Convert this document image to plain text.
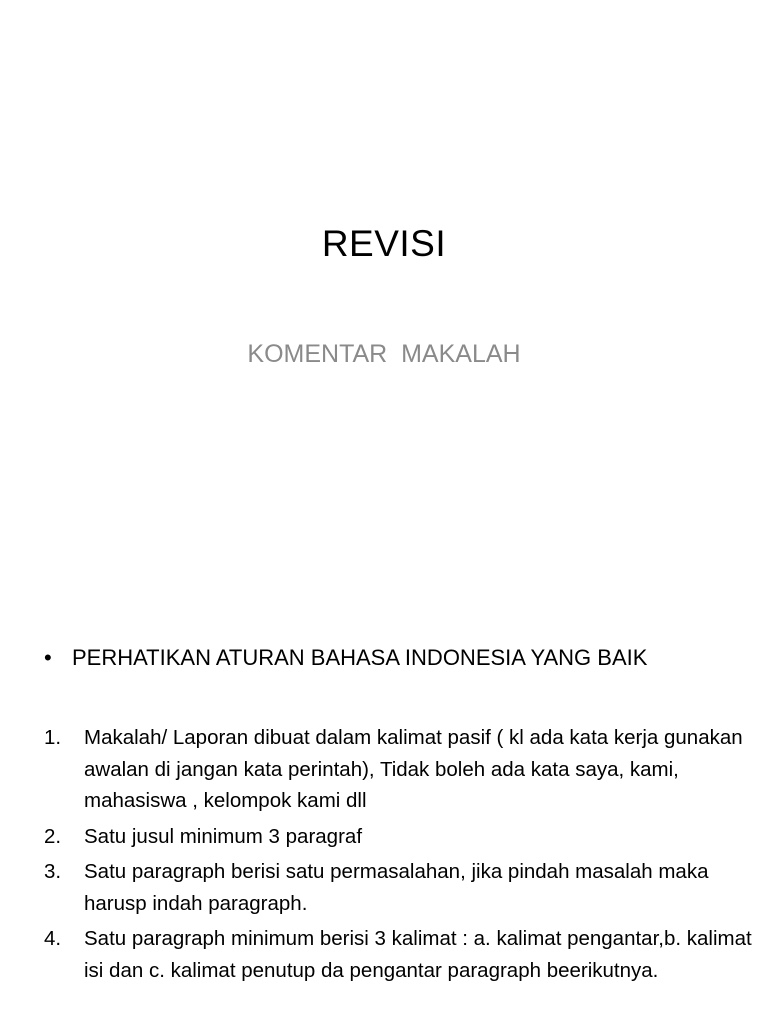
REVISI
KOMENTAR  MAKALAH
• PERHATIKAN ATURAN BAHASA INDONESIA YANG BAIK
1.	Makalah/ Laporan dibuat dalam kalimat pasif ( kl ada kata kerja gunakan awalan di jangan kata perintah), Tidak boleh ada kata saya, kami, mahasiswa , kelompok kami dll
2.	Satu jusul minimum 3 paragraf
3.	Satu paragraph berisi satu permasalahan, jika pindah masalah maka harusp indah paragraph.
4.	Satu paragraph minimum berisi 3 kalimat : a. kalimat pengantar,b. kalimat isi dan c. kalimat penutup da pengantar paragraph beerikutnya.
